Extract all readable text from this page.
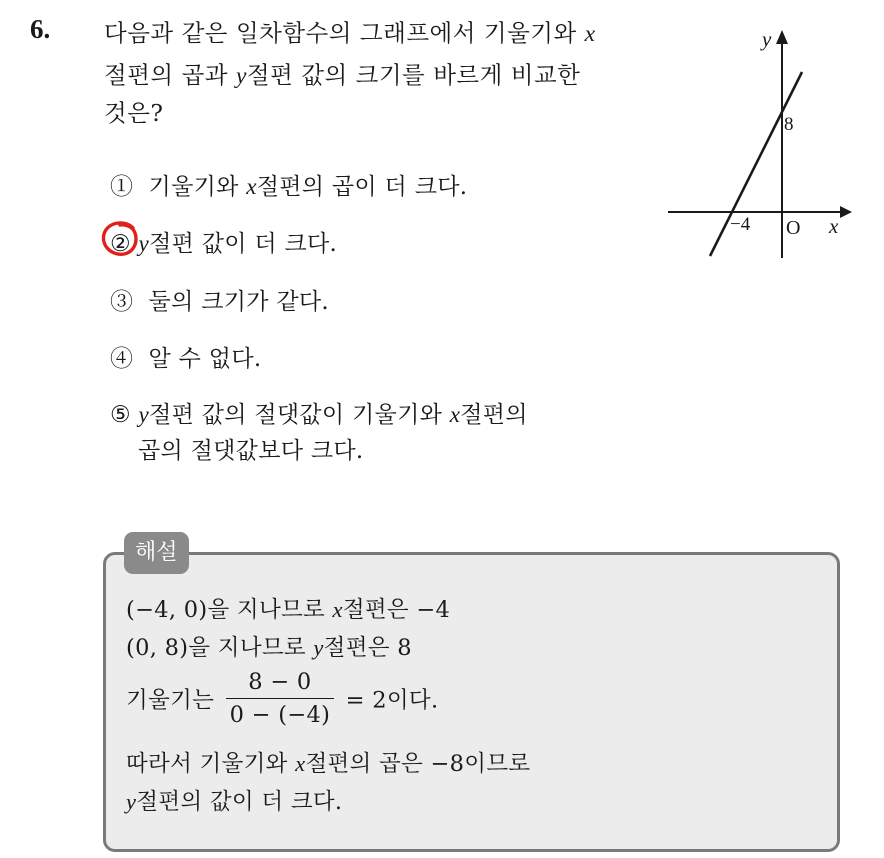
6. 다음과 같은 일차함수의 그래프에서 기울기와 x
절편의 곱과 y절편 값의 크기를 바르게 비교한
것은?
y
x
O
−4
8
① 기울기와 x절편의 곱이 더 크다.
② y절편 값이 더 크다.
③ 둘의 크기가 같다.
④ 알 수 없다.
⑤ y절편 값의 절댓값이 기울기와 x절편의
곱의 절댓값보다 크다.
해설
(−4, 0)을 지나므로 x절편은 −4
(0, 8)을 지나므로 y절편은 8
기울기는 $\frac{8 - 0}{0 - (-4)} = 2$이다.
따라서 기울기와 x절편의 곱은 −8이므로
y절편의 값이 더 크다.
